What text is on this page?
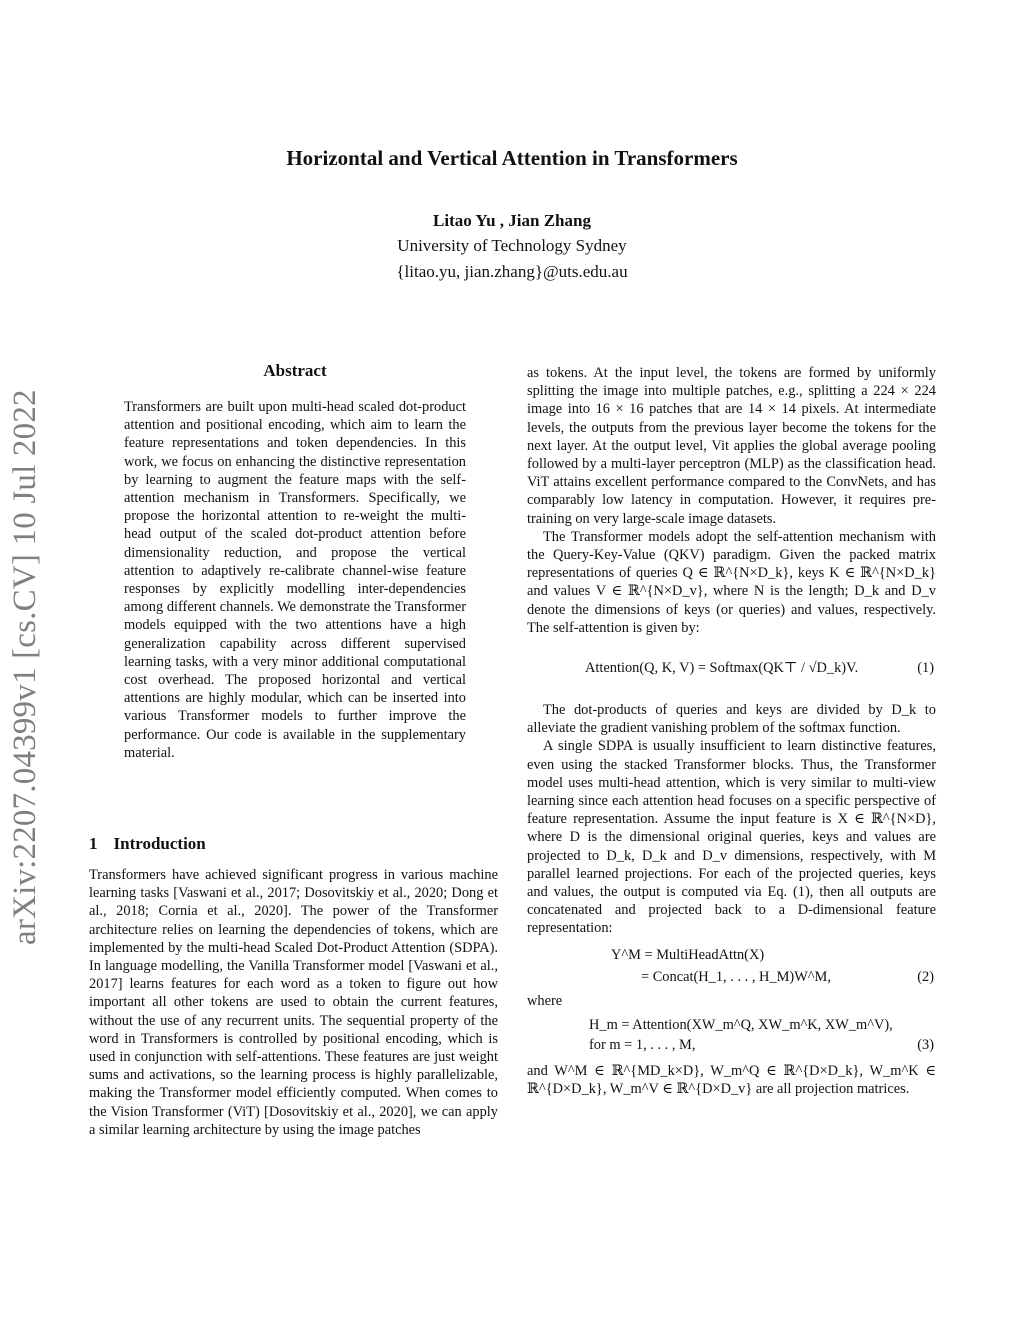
Horizontal and Vertical Attention in Transformers
Litao Yu , Jian Zhang
University of Technology Sydney
{litao.yu, jian.zhang}@uts.edu.au
arXiv:2207.04399v1 [cs.CV] 10 Jul 2022
Abstract
Transformers are built upon multi-head scaled dot-product attention and positional encoding, which aim to learn the feature representations and token dependencies. In this work, we focus on enhancing the distinctive representation by learning to augment the feature maps with the self-attention mechanism in Transformers. Specifically, we propose the horizontal attention to re-weight the multi-head output of the scaled dot-product attention before dimensionality reduction, and propose the vertical attention to adaptively re-calibrate channel-wise feature responses by explicitly modelling inter-dependencies among different channels. We demonstrate the Transformer models equipped with the two attentions have a high generalization capability across different supervised learning tasks, with a very minor additional computational cost overhead. The proposed horizontal and vertical attentions are highly modular, which can be inserted into various Transformer models to further improve the performance. Our code is available in the supplementary material.
1 Introduction
Transformers have achieved significant progress in various machine learning tasks [Vaswani et al., 2017; Dosovitskiy et al., 2020; Dong et al., 2018; Cornia et al., 2020]. The power of the Transformer architecture relies on learning the dependencies of tokens, which are implemented by the multi-head Scaled Dot-Product Attention (SDPA). In language modelling, the Vanilla Transformer model [Vaswani et al., 2017] learns features for each word as a token to figure out how important all other tokens are used to obtain the current features, without the use of any recurrent units. The sequential property of the word in Transformers is controlled by positional encoding, which is used in conjunction with self-attentions. These features are just weight sums and activations, so the learning process is highly parallelizable, making the Transformer model efficiently computed. When comes to the Vision Transformer (ViT) [Dosovitskiy et al., 2020], we can apply a similar learning architecture by using the image patches

as tokens. At the input level, the tokens are formed by uniformly splitting the image into multiple patches, e.g., splitting a 224 × 224 image into 16 × 16 patches that are 14 × 14 pixels. At intermediate levels, the outputs from the previous layer become the tokens for the next layer. At the output level, Vit applies the global average pooling followed by a multi-layer perceptron (MLP) as the classification head. ViT attains excellent performance compared to the ConvNets, and has comparably low latency in computation. However, it requires pre-training on very large-scale image datasets.

The Transformer models adopt the self-attention mechanism with the Query-Key-Value (QKV) paradigm. Given the packed matrix representations of queries Q ∈ ℝ^{N×D_k}, keys K ∈ ℝ^{N×D_k} and values V ∈ ℝ^{N×D_v}, where N is the length; D_k and D_v denote the dimensions of keys (or queries) and values, respectively. The self-attention is given by:

Attention(Q, K, V) = Softmax(QK⊤ / √D_k)V.	(1)

The dot-products of queries and keys are divided by D_k to alleviate the gradient vanishing problem of the softmax function.

A single SDPA is usually insufficient to learn distinctive features, even using the stacked Transformer blocks. Thus, the Transformer model uses multi-head attention, which is very similar to multi-view learning since each attention head focuses on a specific perspective of feature representation. Assume the input feature is X ∈ ℝ^{N×D}, where D is the dimensional original queries, keys and values are projected to D_k, D_k and D_v dimensions, respectively, with M parallel learned projections. For each of the projected queries, keys and values, the output is computed via Eq. (1), then all outputs are concatenated and projected back to a D-dimensional feature representation:

Y^M = MultiHeadAttn(X)
= Concat(H_1, . . . , H_M)W^M,	(2)

where

H_m = Attention(XW_m^Q, XW_m^K, XW_m^V),
for m = 1, . . . , M,	(3)

and W^M ∈ ℝ^{MD_k×D}, W_m^Q ∈ ℝ^{D×D_k}, W_m^K ∈ ℝ^{D×D_k}, W_m^V ∈ ℝ^{D×D_v} are all projection matrices.
